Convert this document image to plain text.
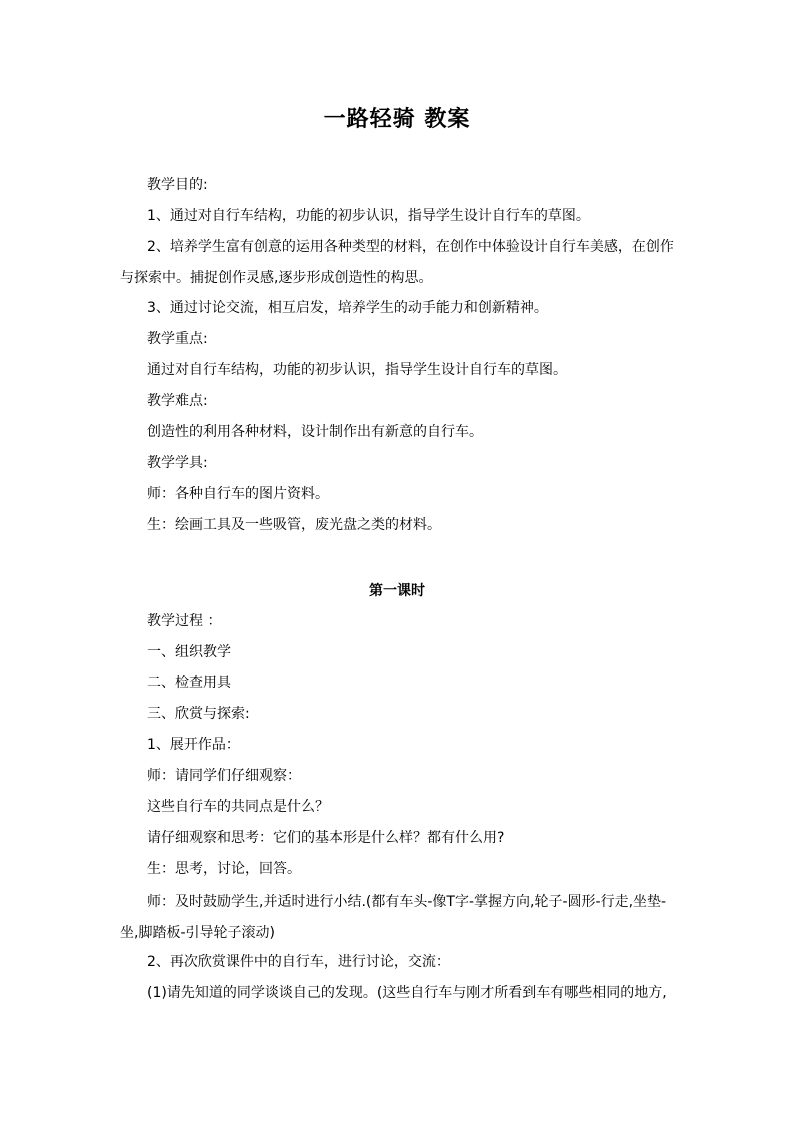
一路轻骑 教案
教学目的:
1、通过对自行车结构，功能的初步认识，指导学生设计自行车的草图。
2、培养学生富有创意的运用各种类型的材料，在创作中体验设计自行车美感，在创作与探索中。捕捉创作灵感,逐步形成创造性的构思。
3、通过讨论交流，相互启发，培养学生的动手能力和创新精神。
教学重点:
通过对自行车结构，功能的初步认识，指导学生设计自行车的草图。
教学难点:
创造性的利用各种材料，设计制作出有新意的自行车。
教学学具:
师：各种自行车的图片资料。
生：绘画工具及一些吸管，废光盘之类的材料。
第一课时
教学过程 ：
一、组织教学
二、检查用具
三、欣赏与探索:
1、展开作品：
师：请同学们仔细观察：
这些自行车的共同点是什么？
请仔细观察和思考：它们的基本形是什么样？都有什么用?
生：思考，讨论，回答。
师：及时鼓励学生,并适时进行小结.(都有车头-像T字-掌握方向,轮子-圆形-行走,坐垫-坐,脚踏板-引导轮子滚动)
2、再次欣赏课件中的自行车，进行讨论，交流：
(1)请先知道的同学谈谈自己的发现。(这些自行车与刚才所看到车有哪些相同的地方,
